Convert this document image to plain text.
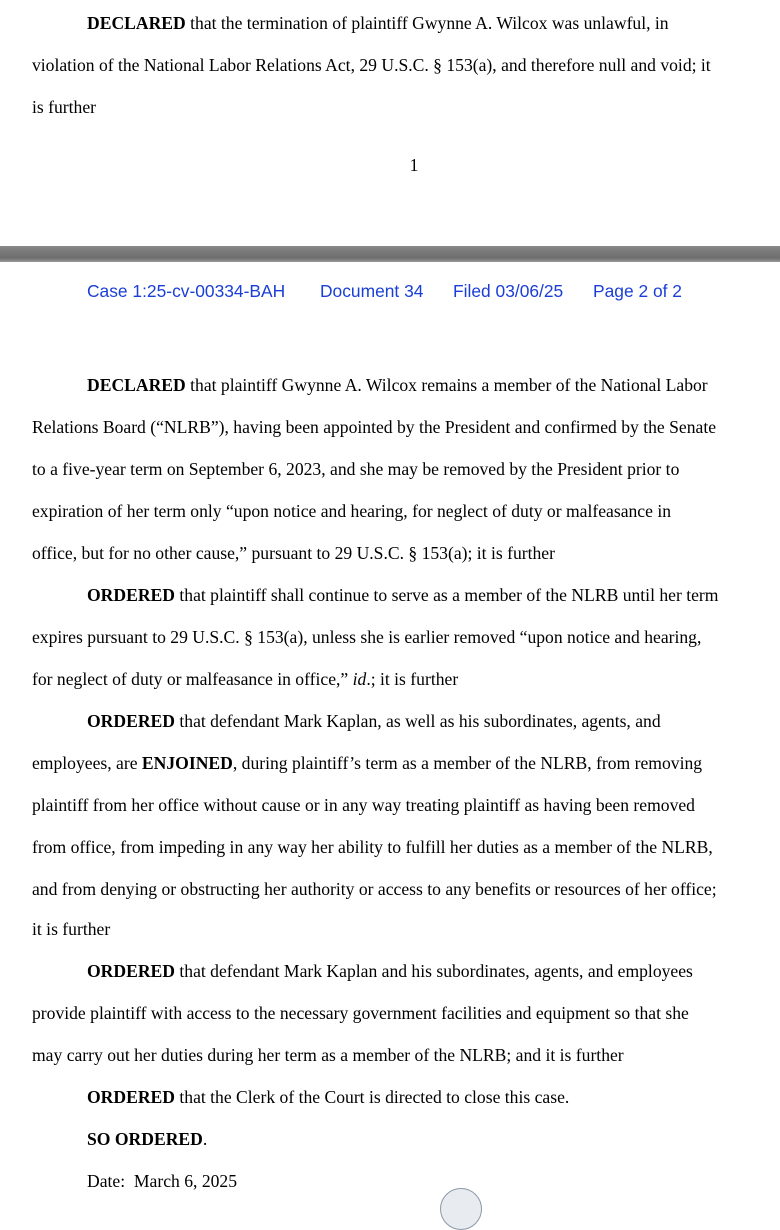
DECLARED that the termination of plaintiff Gwynne A. Wilcox was unlawful, in

violation of the National Labor Relations Act, 29 U.S.C. § 153(a), and therefore null and void; it

is further

1
Case 1:25-cv-00334-BAH Document 34 Filed 03/06/25 Page 2 of 2

DECLARED that plaintiff Gwynne A. Wilcox remains a member of the National Labor

Relations Board (“NLRB”), having been appointed by the President and confirmed by the Senate

to a five-year term on September 6, 2023, and she may be removed by the President prior to

expiration of her term only “upon notice and hearing, for neglect of duty or malfeasance in

office, but for no other cause,” pursuant to 29 U.S.C. § 153(a); it is further

ORDERED that plaintiff shall continue to serve as a member of the NLRB until her term

expires pursuant to 29 U.S.C. § 153(a), unless she is earlier removed “upon notice and hearing,

for neglect of duty or malfeasance in office,” id.; it is further

ORDERED that defendant Mark Kaplan, as well as his subordinates, agents, and

employees, are ENJOINED, during plaintiff’s term as a member of the NLRB, from removing

plaintiff from her office without cause or in any way treating plaintiff as having been removed

from office, from impeding in any way her ability to fulfill her duties as a member of the NLRB,

and from denying or obstructing her authority or access to any benefits or resources of her office;

it is further

ORDERED that defendant Mark Kaplan and his subordinates, agents, and employees

provide plaintiff with access to the necessary government facilities and equipment so that she

may carry out her duties during her term as a member of the NLRB; and it is further

ORDERED that the Clerk of the Court is directed to close this case.

SO ORDERED.

Date: March 6, 2025
